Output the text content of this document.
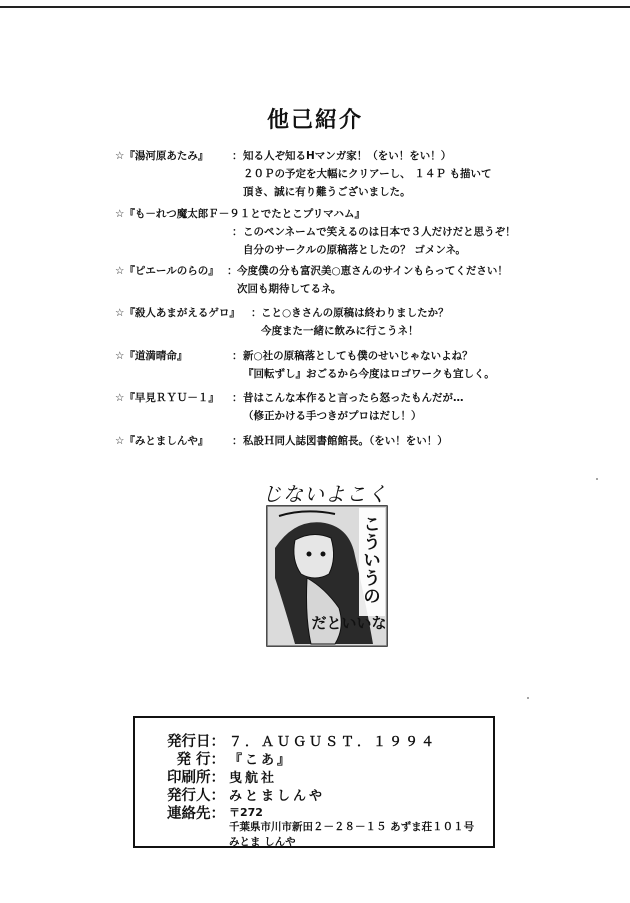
他己紹介
☆『湯河原あたみ』 ： 知る人ぞ知るHマンガ家！（をい！をい！）
２０Ｐの予定を大幅にクリアーし、 １４Ｐ も描いて
頂き、誠に有り難うございました。
☆『も－れつ魔太郎Ｆ－９１とでたとこプリマハム』
： このペンネームで笑えるのは日本で３人だけだと思うぞ！
自分のサークルの原稿落としたの？ ゴメンネ。
☆『ピエールのらの』 ： 今度僕の分も富沢美○恵さんのサインもらってください！
次回も期待してるネ。
☆『殺人あまがえるゲロ』 ： こと○きさんの原稿は終わりましたか？
今度また一緒に飲みに行こうネ！
☆『道満晴命』	： 新○社の原稿落としても僕のせいじゃないよね？
『回転ずし』おごるから今度はロゴワークも宜しく。
☆『早見ＲＹＵ－１』 ： 昔はこんな本作ると言ったら怒ったもんだが…
（修正かける手つきがプロはだし！）
☆『みとましんや』 ： 私設Ｈ同人誌図書館館長。（をい！をい！）
じないよこく
こういうの
だといいな
発行日： ７．ＡＵＧＵＳＴ．１９９４
発 行： 『こあ』
印刷所： 曳航社
発行人： みとましんや
連絡先： 〒272
千葉県市川市新田２－２８－１５ あずま荘１０１号
みとま しんや
